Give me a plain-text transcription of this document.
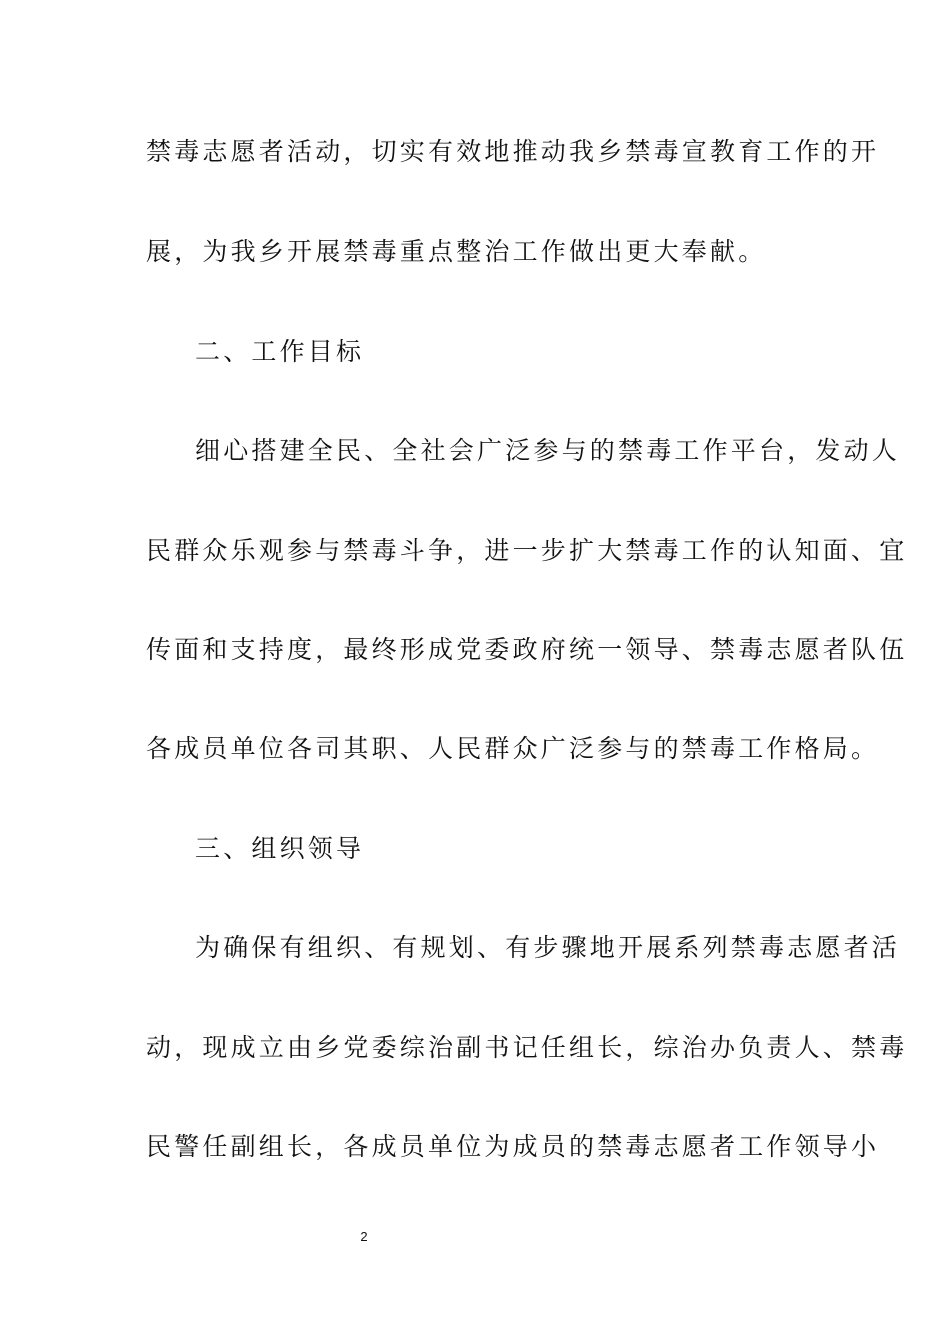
禁毒志愿者活动，切实有效地推动我乡禁毒宣教育工作的开
展，为我乡开展禁毒重点整治工作做出更大奉献。
二、工作目标
细心搭建全民、全社会广泛参与的禁毒工作平台，发动人
民群众乐观参与禁毒斗争，进一步扩大禁毒工作的认知面、宜
传面和支持度，最终形成党委政府统一领导、禁毒志愿者队伍
各成员单位各司其职、人民群众广泛参与的禁毒工作格局。
三、组织领导
为确保有组织、有规划、有步骤地开展系列禁毒志愿者活
动，现成立由乡党委综治副书记任组长，综治办负责人、禁毒
民警任副组长，各成员单位为成员的禁毒志愿者工作领导小
2
